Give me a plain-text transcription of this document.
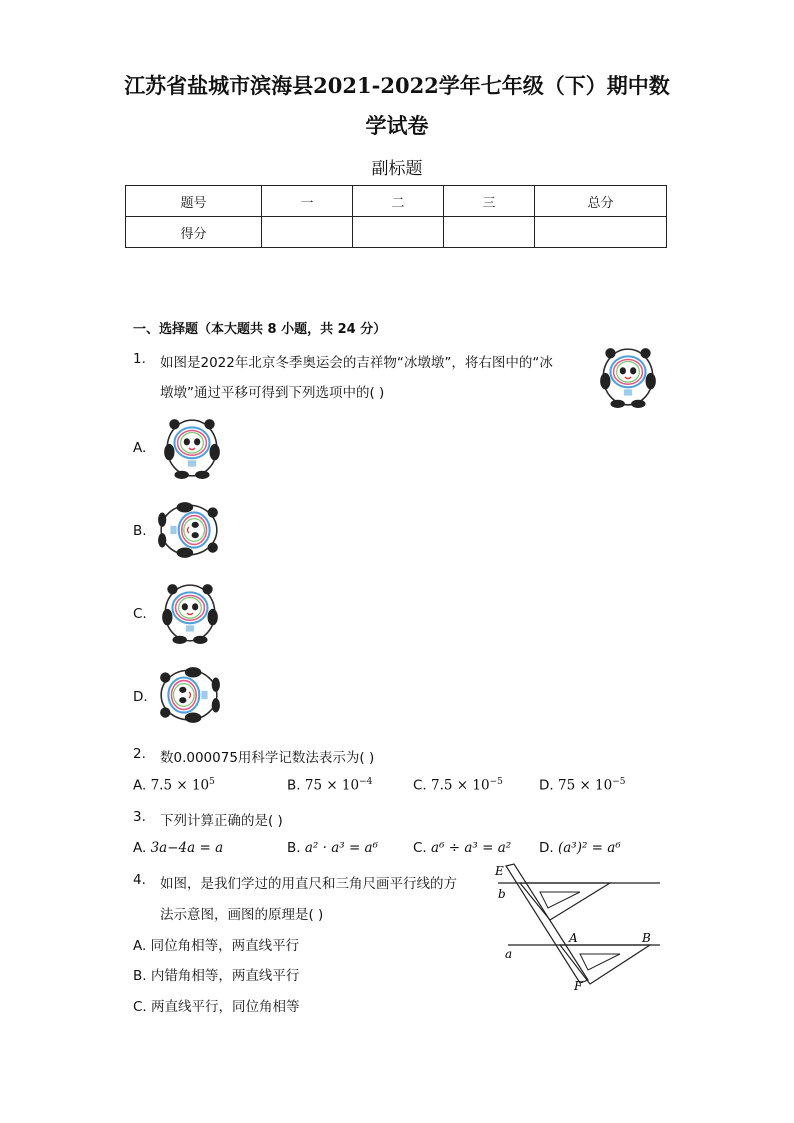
江苏省盐城市滨海县2021-2022学年七年级（下）期中数
学试卷
副标题
题号	一	二	三	总分
得分				
一、选择题（本大题共 8 小题，共 24 分）
1. 如图是2022年北京冬季奥运会的吉祥物“冰墩墩”，将右图中的“冰
墩墩”通过平移可得到下列选项中的( )
A.
B.
C.
D.
2. 数0.000075用科学记数法表示为( )
A. $7.5 \times 10^5$	B. $75 \times 10^{-4}$	C. $7.5 \times 10^{-5}$	D. $75 \times 10^{-5}$
3. 下列计算正确的是( )
A. 3a−4a = a	B. a² · a³ = a⁶	C. a⁶ ÷ a³ = a² D. (a³)² = a⁶
4. 如图，是我们学过的用直尺和三角尺画平行线的方
法示意图，画图的原理是( )
A. 同位角相等，两直线平行
B. 内错角相等，两直线平行
C. 两直线平行，同位角相等
E
b
A	B
a
F
